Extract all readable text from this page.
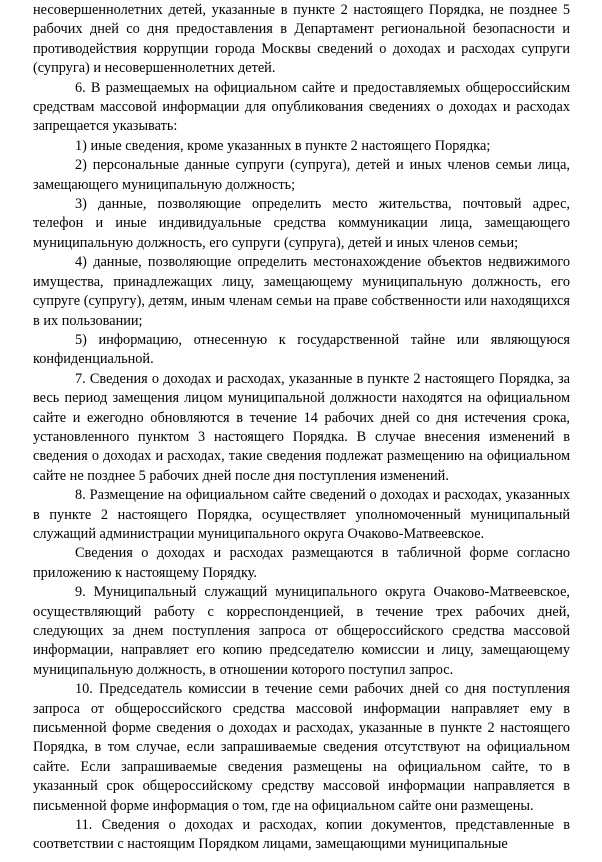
несовершеннолетних детей, указанные в пункте 2 настоящего Порядка, не позднее 5 рабочих дней со дня предоставления в Департамент региональной безопасности и противодействия коррупции города Москвы сведений о доходах и расходах супруги (супруга) и несовершеннолетних детей.

6. В размещаемых на официальном сайте и предоставляемых общероссийским средствам массовой информации для опубликования сведениях о доходах и расходах запрещается указывать:

1) иные сведения, кроме указанных в пункте 2 настоящего Порядка;

2) персональные данные супруги (супруга), детей и иных членов семьи лица, замещающего муниципальную должность;

3) данные, позволяющие определить место жительства, почтовый адрес, телефон и иные индивидуальные средства коммуникации лица, замещающего муниципальную должность, его супруги (супруга), детей и иных членов семьи;

4) данные, позволяющие определить местонахождение объектов недвижимого имущества, принадлежащих лицу, замещающему муниципальную должность, его супруге (супругу), детям, иным членам семьи на праве собственности или находящихся в их пользовании;

5) информацию, отнесенную к государственной тайне или являющуюся конфиденциальной.

7. Сведения о доходах и расходах, указанные в пункте 2 настоящего Порядка, за весь период замещения лицом муниципальной должности находятся на официальном сайте и ежегодно обновляются в течение 14 рабочих дней со дня истечения срока, установленного пунктом 3 настоящего Порядка. В случае внесения изменений в сведения о доходах и расходах, такие сведения подлежат размещению на официальном сайте не позднее 5 рабочих дней после дня поступления изменений.

8. Размещение на официальном сайте сведений о доходах и расходах, указанных в пункте 2 настоящего Порядка, осуществляет уполномоченный муниципальный служащий администрации муниципального округа Очаково-Матвеевское.

Сведения о доходах и расходах размещаются в табличной форме согласно приложению к настоящему Порядку.

9. Муниципальный служащий муниципального округа Очаково-Матвеевское, осуществляющий работу с корреспонденцией, в течение трех рабочих дней, следующих за днем поступления запроса от общероссийского средства массовой информации, направляет его копию председателю комиссии и лицу, замещающему муниципальную должность, в отношении которого поступил запрос.

10. Председатель комиссии в течение семи рабочих дней со дня поступления запроса от общероссийского средства массовой информации направляет ему в письменной форме сведения о доходах и расходах, указанные в пункте 2 настоящего Порядка, в том случае, если запрашиваемые сведения отсутствуют на официальном сайте. Если запрашиваемые сведения размещены на официальном сайте, то в указанный срок общероссийскому средству массовой информации направляется в письменной форме информация о том, где на официальном сайте они размещены.

11. Сведения о доходах и расходах, копии документов, представленные в соответствии с настоящим Порядком лицами, замещающими муниципальные
